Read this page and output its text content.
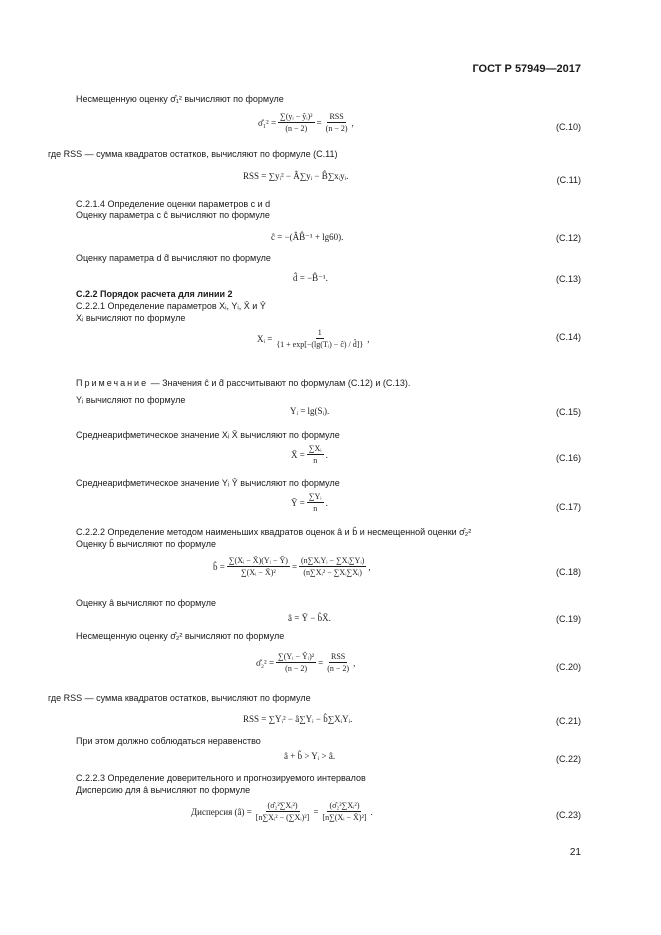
ГОСТ Р 57949—2017
Несмещенную оценку σ̂₁² вычисляют по формуле
σ̂₁² = $\frac{\text{∑(yᵢ − ŷᵢ)²}}{(n - 2)} = \frac{\text{RSS}}{(n - 2)}$ ,	(С.10)
где RSS — сумма квадратов остатков, вычисляют по формуле (С.11)
RSS = ∑yᵢ² − Â∑yᵢ − B̂∑xᵢyᵢ.	(С.11)
С.2.1.4 Определение оценки параметров c и d
Оценку параметра c ĉ вычисляют по формуле
ĉ = −(ÂB̂⁻¹ + lg60).	(С.12)
Оценку параметра d d̂ вычисляют по формуле
d̂ = −B̂⁻¹.	(С.13)
С.2.2 Порядок расчета для линии 2
С.2.2.1 Определение параметров Xᵢ, Yᵢ, X̄ и Ȳ
Xᵢ вычисляют по формуле
Xᵢ = $\frac{1}{\text{\{1 + exp[−(lg(Tᵢ) − ĉ) / d̂]\}}}$ ,	(С.14)
Примечание — Значения ĉ и d̂ рассчитывают по формулам (С.12) и (С.13).
Yᵢ вычисляют по формуле
Yᵢ = lg(Sᵢ).	(С.15)
Среднеарифметическое значение Xᵢ X̄ вычисляют по формуле
X̄ = $\frac{\text{∑Xᵢ}}{n}$ .	(С.16)
Среднеарифметическое значение Yᵢ Ȳ вычисляют по формуле
Ȳ = $\frac{\text{∑Yᵢ}}{n}$ .	(С.17)
С.2.2.2 Определение методом наименьших квадратов оценок â и b̂ и несмещенной оценки σ̂₂²
Оценку b̂ вычисляют по формуле
b̂ = $\frac{\text{∑(Xᵢ − X̄)(Yᵢ − Ȳ)}}{\text{∑(Xᵢ − X̄)²}} = \frac{\text{(n∑XᵢYᵢ − ∑Xᵢ∑Yᵢ)}}{\text{(n∑Xᵢ² − ∑Xᵢ∑Xᵢ)}}$ ,
(С.18)
Оценку â вычисляют по формуле
â = Ȳ − b̂X̄.	(С.19)
Несмещенную оценку σ̂₂² вычисляют по формуле
σ̂₂² = $\frac{\text{∑(Yᵢ − Ŷᵢ)²}}{(n - 2)} = \frac{\text{RSS}}{(n - 2)}$ ,	(С.20)
где RSS — сумма квадратов остатков, вычисляют по формуле
RSS = ∑Yᵢ² − â∑Yᵢ − b̂∑XᵢYᵢ.	(С.21)
При этом должно соблюдаться неравенство
â + b̂ > Yᵢ > â.	(С.22)
С.2.2.3 Определение доверительного и прогнозируемого интервалов
Дисперсию для â вычисляют по формуле
Дисперсия (â) = $\frac{\text{(σ̂₂²∑Xᵢ²)}}{\text{[n∑Xᵢ² − (∑Xᵢ)²]}} = \frac{\text{(σ̂₂²∑Xᵢ²)}}{\text{[n∑(Xᵢ − X̄)²]}}$ .	(С.23)
21
